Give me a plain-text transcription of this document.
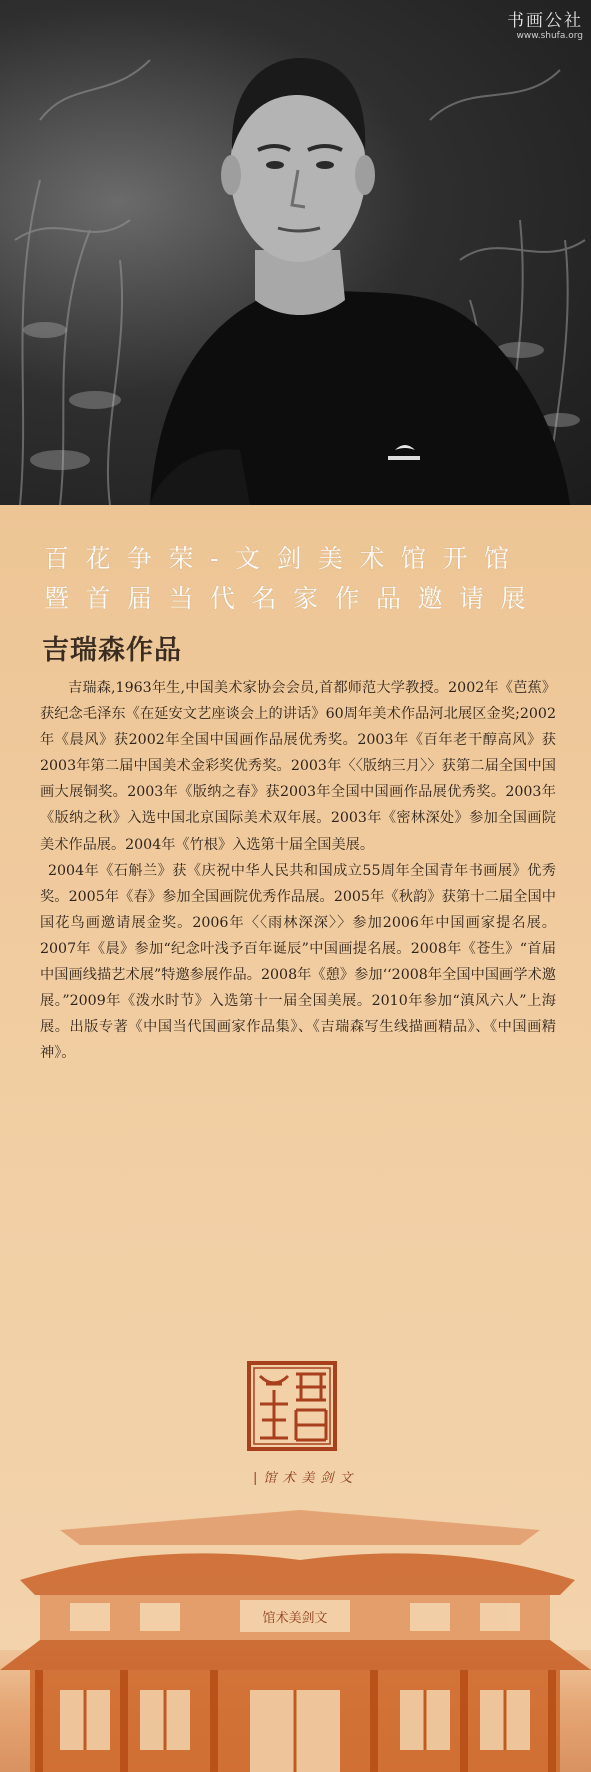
书画公社
www.shufa.org
百花争荣-文剑美术馆开馆
暨首届当代名家作品邀请展
吉瑞森作品

吉瑞森,1963年生,中国美术家协会会员,首都师范大学教授。2002年《芭蕉》获纪念毛泽东《在延安文艺座谈会上的讲话》60周年美术作品河北展区金奖;2002年《晨风》获2002年全国中国画作品展优秀奖。2003年《百年老干醇高风》获2003年第二届中国美术金彩奖优秀奖。2003年〈〈版纳三月〉〉获第二届全国中国画大展铜奖。2003年《版纳之春》获2003年全国中国画作品展优秀奖。2003年《版纳之秋》入选中国北京国际美术双年展。2003年《密林深处》参加全国画院美术作品展。2004年《竹根》入选第十届全国美展。

2004年《石斛兰》获《庆祝中华人民共和国成立55周年全国青年书画展》优秀奖。2005年《春》参加全国画院优秀作品展。2005年《秋韵》获第十二届全国中国花鸟画邀请展金奖。2006年〈〈雨林深深〉〉参加2006年中国画家提名展。2007年《晨》参加“纪念叶浅予百年诞辰”中国画提名展。2008年《苍生》“首届中国画线描艺术展”特邀参展作品。2008年《憩》参加‘‘2008年全国中国画学术邀展。”2009年《泼水时节》入选第十一届全国美展。2010年参加“滇风六人”上海展。出版专著《中国当代国画家作品集》、《吉瑞森写生线描画精品》、《中国画精神》。

|馆术美剑文
馆术美剑文
